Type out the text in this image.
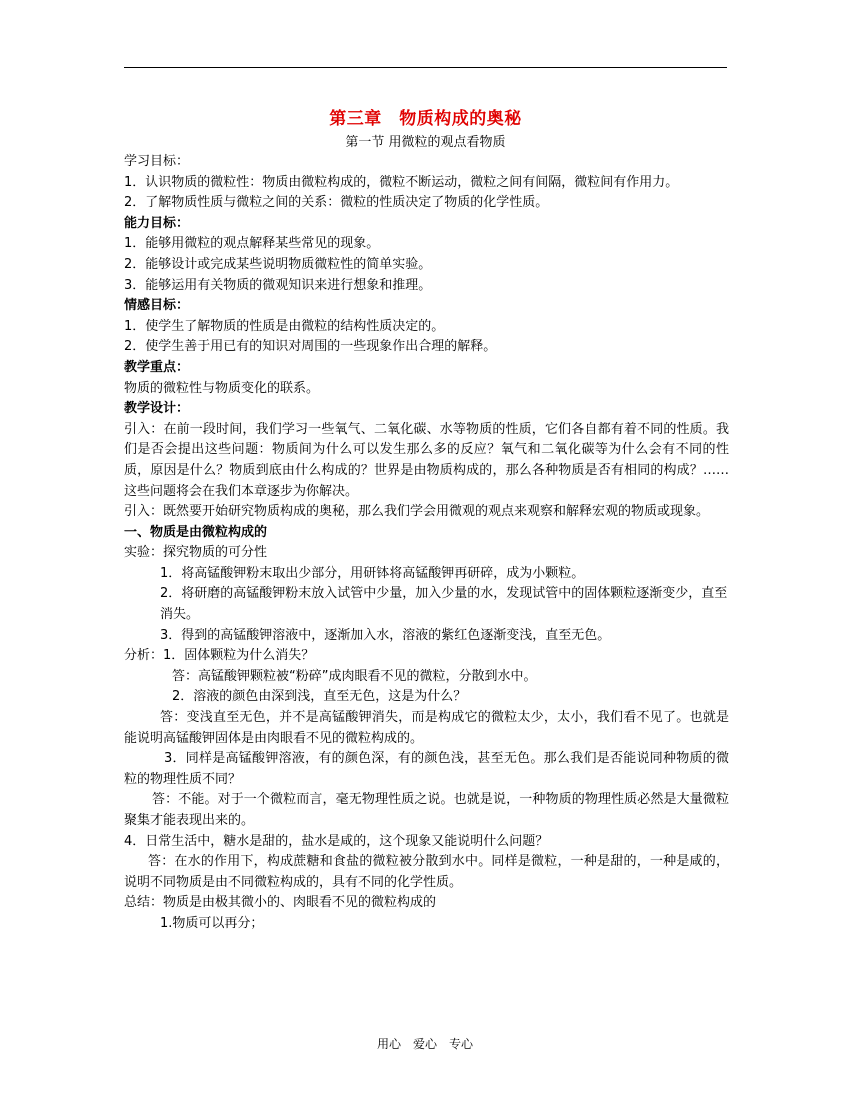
第三章　物质构成的奥秘
第一节 用微粒的观点看物质

学习目标：

1．认识物质的微粒性：物质由微粒构成的，微粒不断运动，微粒之间有间隔，微粒间有作用力。

2．了解物质性质与微粒之间的关系：微粒的性质决定了物质的化学性质。

能力目标：

1．能够用微粒的观点解释某些常见的现象。

2．能够设计或完成某些说明物质微粒性的简单实验。

3．能够运用有关物质的微观知识来进行想象和推理。

情感目标：

1．使学生了解物质的性质是由微粒的结构性质决定的。

2．使学生善于用已有的知识对周围的一些现象作出合理的解释。

教学重点：

物质的微粒性与物质变化的联系。

教学设计：

引入：在前一段时间，我们学习一些氧气、二氧化碳、水等物质的性质，它们各自都有着不同的性质。我们是否会提出这些问题：物质间为什么可以发生那么多的反应？氧气和二氧化碳等为什么会有不同的性质，原因是什么？物质到底由什么构成的？世界是由物质构成的，那么各种物质是否有相同的构成？……这些问题将会在我们本章逐步为你解决。

引入：既然要开始研究物质构成的奥秘，那么我们学会用微观的观点来观察和解释宏观的物质或现象。

一、物质是由微粒构成的

实验：探究物质的可分性

1．将高锰酸钾粉末取出少部分，用研钵将高锰酸钾再研碎，成为小颗粒。

2．将研磨的高锰酸钾粉末放入试管中少量，加入少量的水，发现试管中的固体颗粒逐渐变少，直至消失。

3．得到的高锰酸钾溶液中，逐渐加入水，溶液的紫红色逐渐变浅，直至无色。

分析：1．固体颗粒为什么消失？

答：高锰酸钾颗粒被“粉碎”成肉眼看不见的微粒，分散到水中。

2．溶液的颜色由深到浅，直至无色，这是为什么？

答：变浅直至无色，并不是高锰酸钾消失，而是构成它的微粒太少，太小，我们看不见了。也就是能说明高锰酸钾固体是由肉眼看不见的微粒构成的。

3．同样是高锰酸钾溶液，有的颜色深，有的颜色浅，甚至无色。那么我们是否能说同种物质的微粒的物理性质不同？

答：不能。对于一个微粒而言，毫无物理性质之说。也就是说，一种物质的物理性质必然是大量微粒聚集才能表现出来的。

4．日常生活中，糖水是甜的，盐水是咸的，这个现象又能说明什么问题？

答：在水的作用下，构成蔗糖和食盐的微粒被分散到水中。同样是微粒，一种是甜的，一种是咸的，说明不同物质是由不同微粒构成的，具有不同的化学性质。

总结：物质是由极其微小的、肉眼看不见的微粒构成的

1.物质可以再分；

用心　爱心　专心
